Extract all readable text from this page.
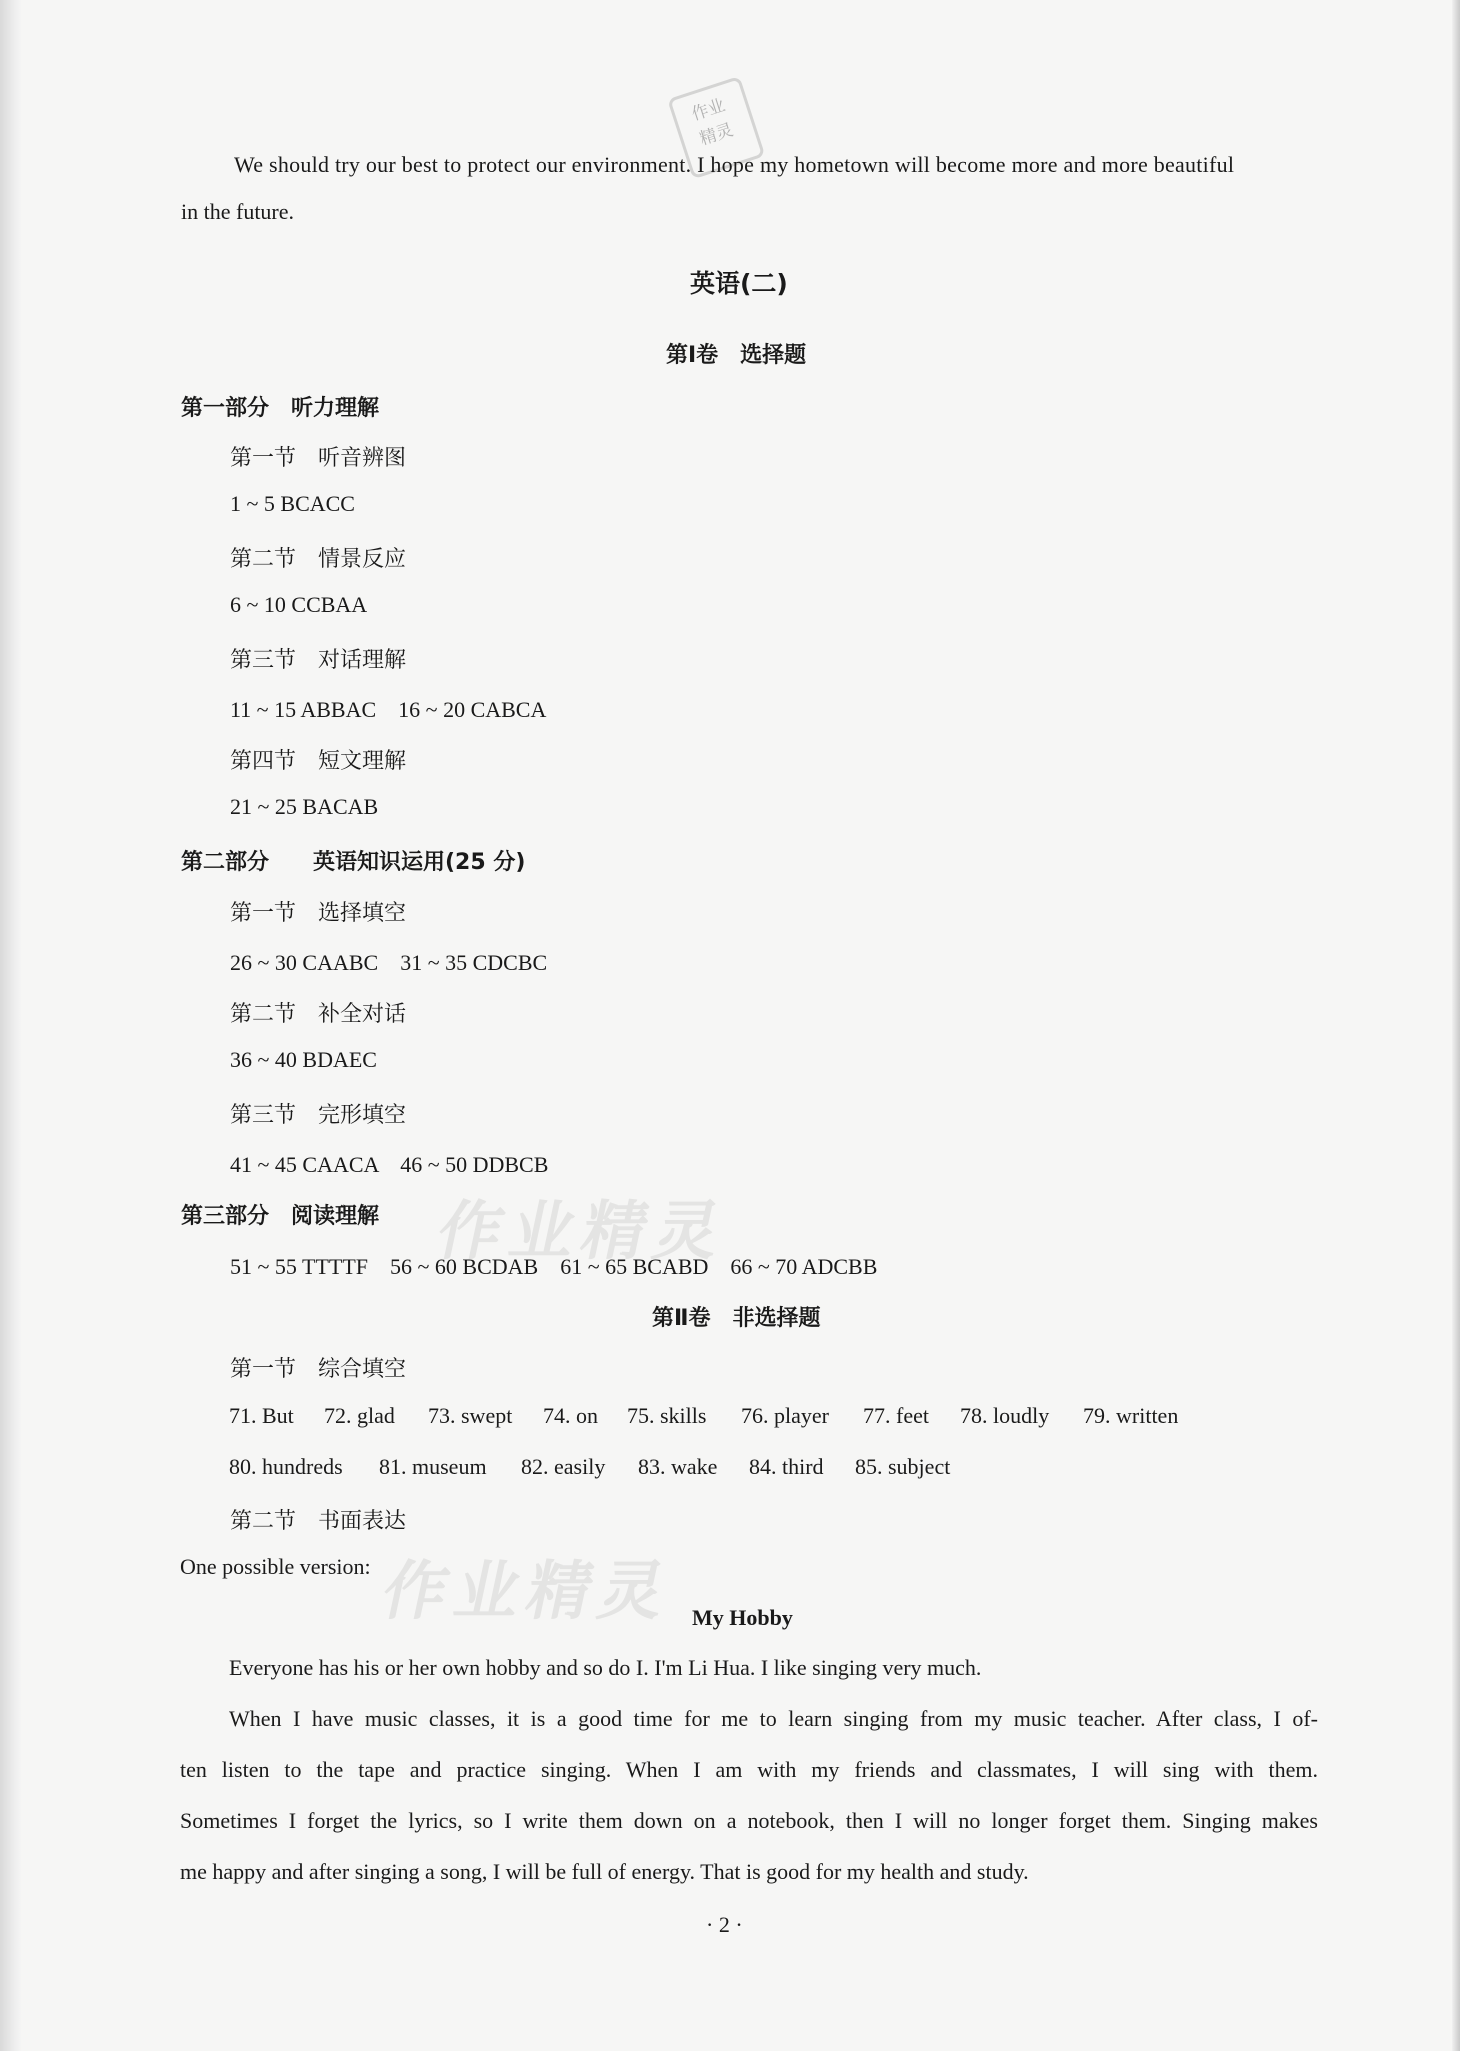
作业
精灵
We should try our best to protect our environment. I hope my hometown will become more and more beautiful
in the future.
英语(二)
第Ⅰ卷　选择题
第一部分　听力理解
第一节　听音辨图
1 ~ 5 BCACC
第二节　情景反应
6 ~ 10 CCBAA
第三节　对话理解
11 ~ 15 ABBAC　16 ~ 20 CABCA
第四节　短文理解
21 ~ 25 BACAB
第二部分　　英语知识运用(25 分)
第一节　选择填空
26 ~ 30 CAABC　31 ~ 35 CDCBC
第二节　补全对话
36 ~ 40 BDAEC
第三节　完形填空
41 ~ 45 CAACA　46 ~ 50 DDBCB
第三部分　阅读理解
51 ~ 55 TTTTF　56 ~ 60 BCDAB　61 ~ 65 BCABD　66 ~ 70 ADCBB
第Ⅱ卷　非选择题
第一节　综合填空
71. But 72. glad 73. swept 74. on 75. skills 76. player 77. feet 78. loudly 79. written
80. hundreds 81. museum 82. easily 83. wake 84. third 85. subject
第二节　书面表达
One possible version:
作业精灵
作业精灵 My Hobby
Everyone has his or her own hobby and so do I. I'm Li Hua. I like singing very much.
When I have music classes, it is a good time for me to learn singing from my music teacher. After class, I of-
ten listen to the tape and practice singing. When I am with my friends and classmates, I will sing with them.
Sometimes I forget the lyrics, so I write them down on a notebook, then I will no longer forget them. Singing makes
me happy and after singing a song, I will be full of energy. That is good for my health and study.
· 2 ·
